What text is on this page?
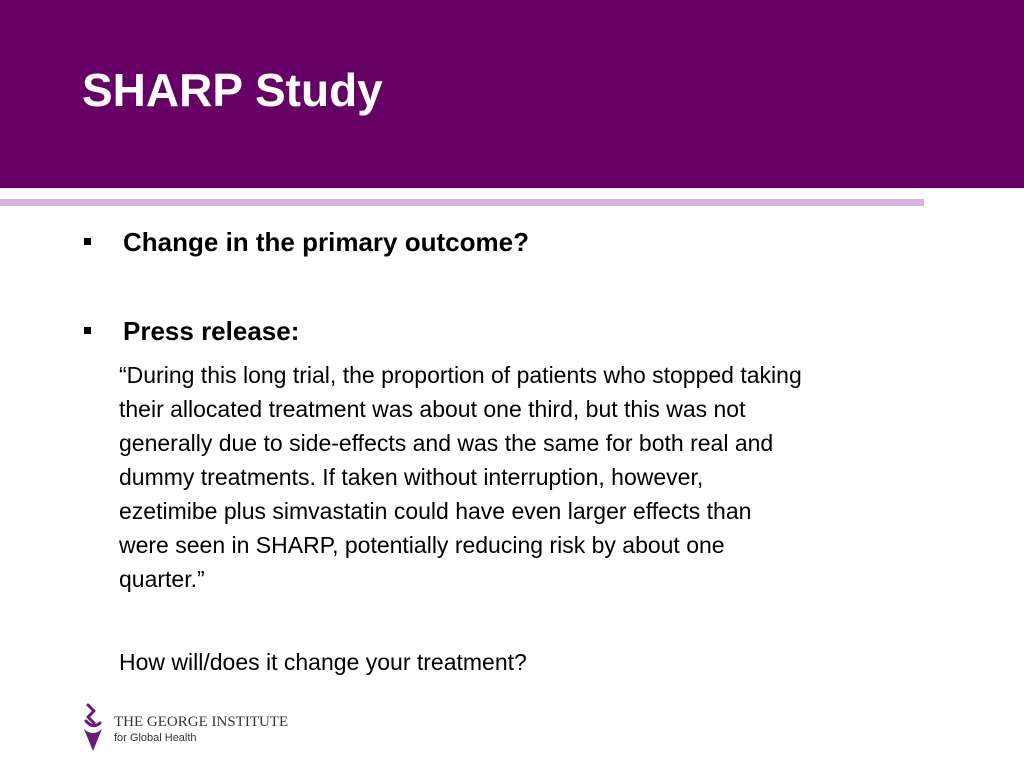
SHARP Study
Change in the primary outcome?
Press release:

“During this long trial, the proportion of patients who stopped taking

their allocated treatment was about one third, but this was not

generally due to side-effects and was the same for both real and

dummy treatments. If taken without interruption, however,

ezetimibe plus simvastatin could have even larger effects than

were seen in SHARP, potentially reducing risk by about one

quarter.”

How will/does it change your treatment?
THE GEORGE INSTITUTE
for Global Health
